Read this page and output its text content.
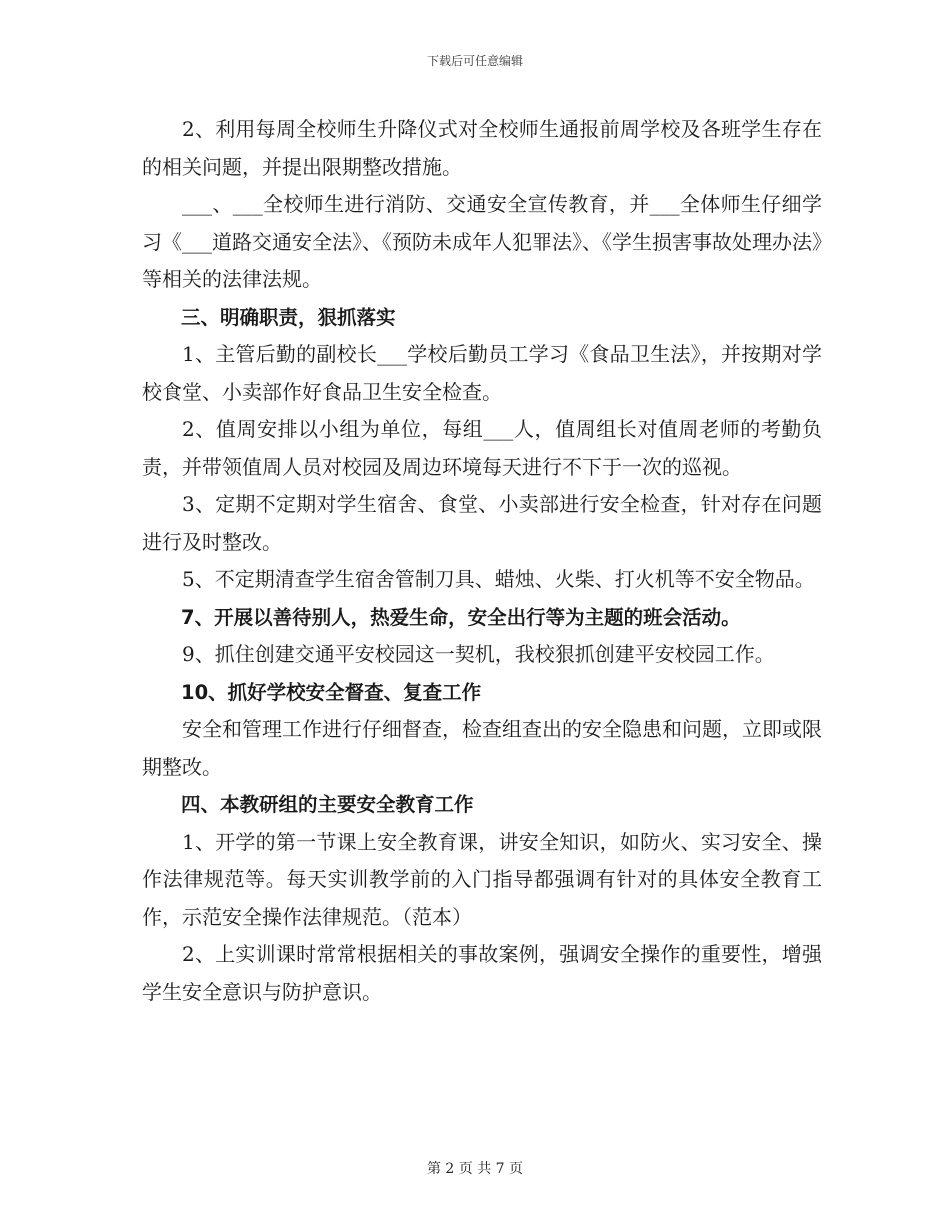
下载后可任意编辑
2、利用每周全校师生升降仪式对全校师生通报前周学校及各班学生存在的相关问题，并提出限期整改措施。
___、___全校师生进行消防、交通安全宣传教育，并___全体师生仔细学习《___道路交通安全法》、《预防未成年人犯罪法》、《学生损害事故处理办法》等相关的法律法规。
三、明确职责，狠抓落实
1、主管后勤的副校长___学校后勤员工学习《食品卫生法》，并按期对学校食堂、小卖部作好食品卫生安全检查。
2、值周安排以小组为单位，每组___人，值周组长对值周老师的考勤负责，并带领值周人员对校园及周边环境每天进行不下于一次的巡视。
3、定期不定期对学生宿舍、食堂、小卖部进行安全检查，针对存在问题进行及时整改。
5、不定期清查学生宿舍管制刀具、蜡烛、火柴、打火机等不安全物品。
7、开展以善待别人，热爱生命，安全出行等为主题的班会活动。
9、抓住创建交通平安校园这一契机，我校狠抓创建平安校园工作。
10、抓好学校安全督查、复查工作
安全和管理工作进行仔细督查，检查组查出的安全隐患和问题，立即或限期整改。
四、本教研组的主要安全教育工作
1、开学的第一节课上安全教育课，讲安全知识，如防火、实习安全、操作法律规范等。每天实训教学前的入门指导都强调有针对的具体安全教育工作，示范安全操作法律规范。（范本）
2、上实训课时常常根据相关的事故案例，强调安全操作的重要性，增强学生安全意识与防护意识。
第 2 页 共 7 页
